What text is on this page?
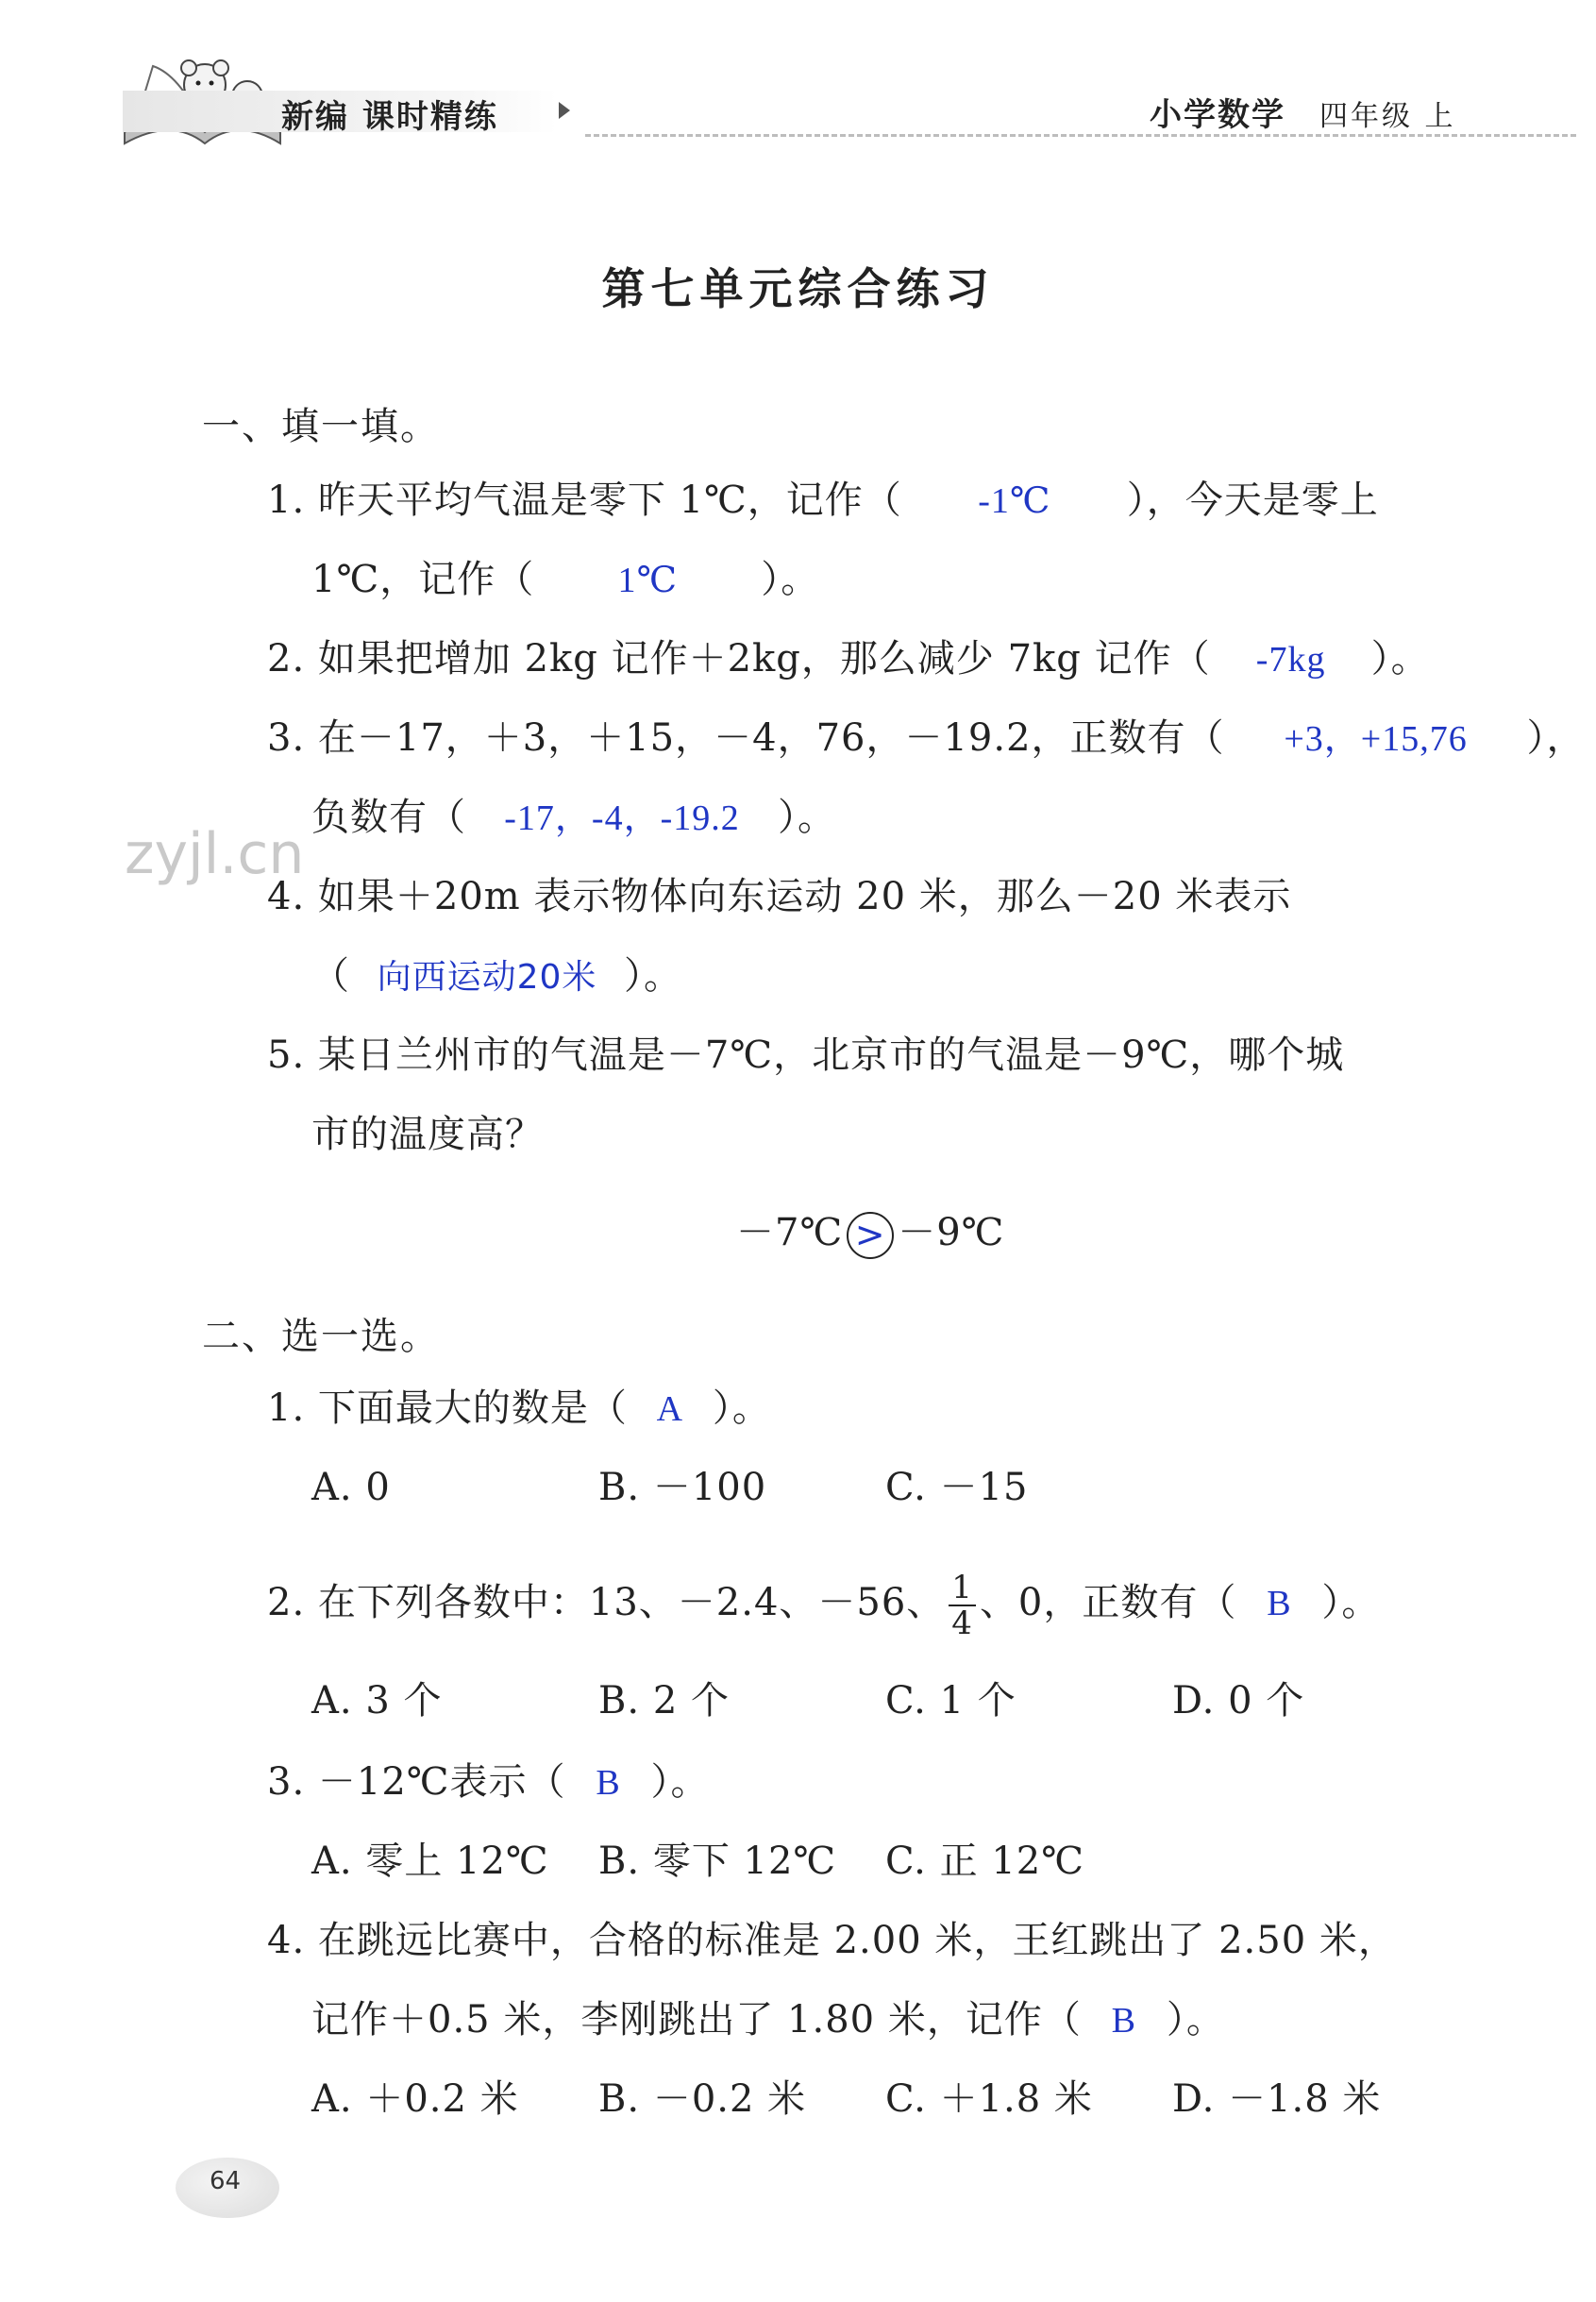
新编 课时精练	小学数学 四年级 上
第七单元综合练习
zyjl.cn
一、填一填。
1. 昨天平均气温是零下 1℃，记作（ -1℃ ），今天是零上
1℃，记作（ 1℃ ）。
2. 如果把增加 2kg 记作＋2kg，那么减少 7kg 记作（ -7kg ）。
3. 在－17，＋3，＋15，－4，76，－19.2，正数有（ +3，+15,76 ），
负数有（ -17，-4，-19.2 ）。
4. 如果＋20m 表示物体向东运动 20 米，那么－20 米表示
（ 向西运动20米 ）。
5. 某日兰州市的气温是－7℃，北京市的气温是－9℃，哪个城
市的温度高？
－7℃ > －9℃
二、选一选。
1. 下面最大的数是（ A ）。
A. 0	B. －100	C. －15
2. 在下列各数中：13、－2.4、－56、 $\frac{1}{4}$ 、0，正数有（ B ）。
A. 3 个	B. 2 个	C. 1 个	D. 0 个
3. －12℃表示（ B ）。
A. 零上 12℃ B. 零下 12℃ C. 正 12℃
4. 在跳远比赛中，合格的标准是 2.00 米，王红跳出了 2.50 米，
记作＋0.5 米，李刚跳出了 1.80 米，记作（ B ）。
A. ＋0.2 米 B. －0.2 米 C. ＋1.8 米 D. －1.8 米
64
